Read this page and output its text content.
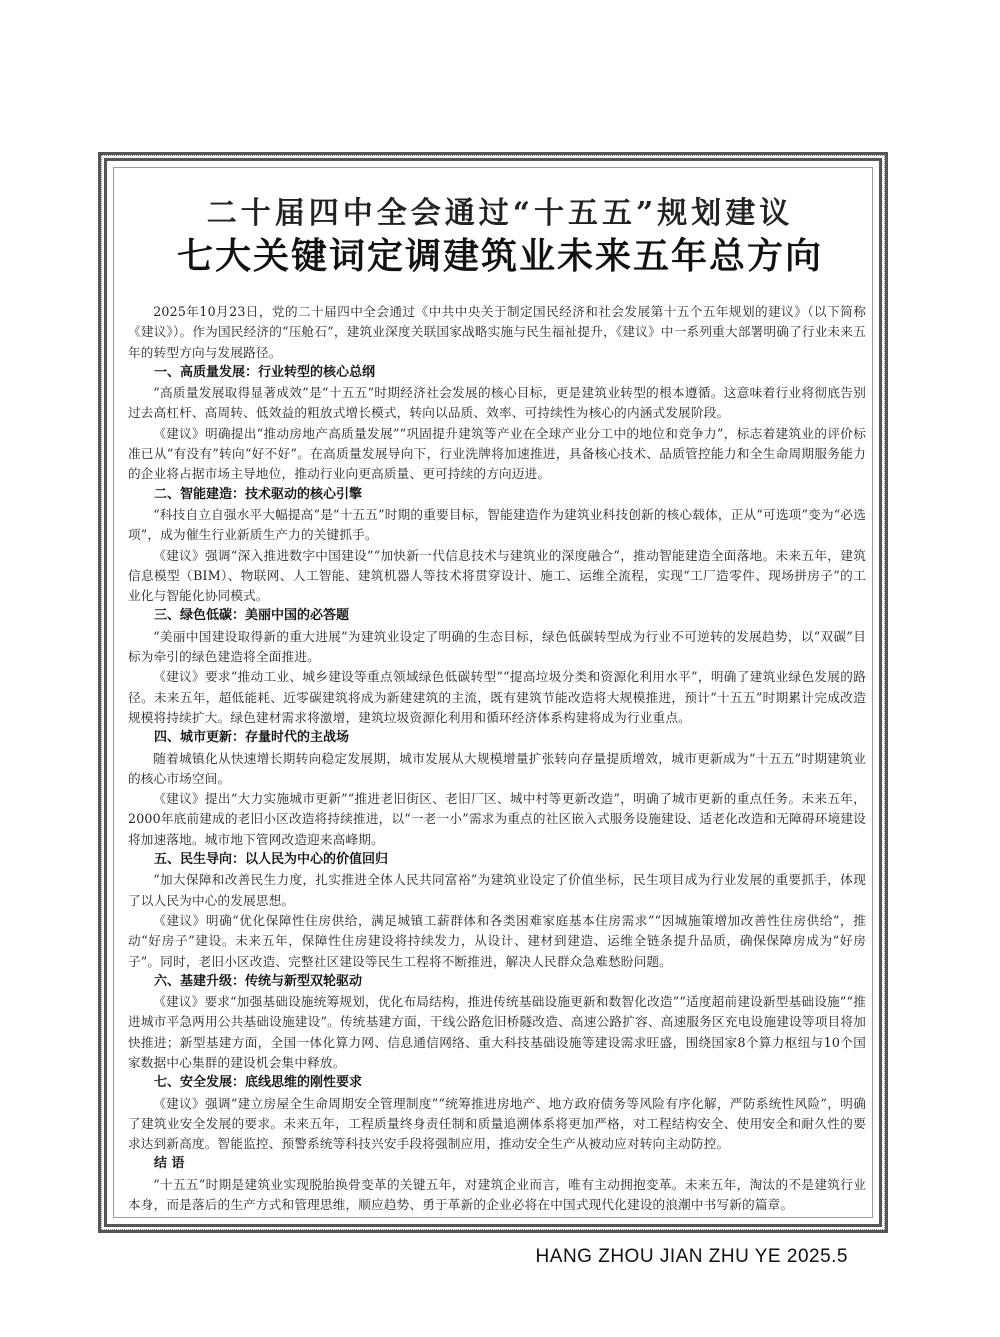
二十届四中全会通过“十五五”规划建议
七大关键词定调建筑业未来五年总方向

2025年10月23日，党的二十届四中全会通过《中共中央关于制定国民经济和社会发展第十五个五年规划的建议》（以下简称《建议》）。作为国民经济的“压舱石”，建筑业深度关联国家战略实施与民生福祉提升，《建议》中一系列重大部署明确了行业未来五年的转型方向与发展路径。

一、高质量发展：行业转型的核心总纲

“高质量发展取得显著成效”是“十五五”时期经济社会发展的核心目标，更是建筑业转型的根本遵循。这意味着行业将彻底告别过去高杠杆、高周转、低效益的粗放式增长模式，转向以品质、效率、可持续性为核心的内涵式发展阶段。

《建议》明确提出“推动房地产高质量发展”“巩固提升建筑等产业在全球产业分工中的地位和竞争力”，标志着建筑业的评价标准已从“有没有”转向“好不好”。在高质量发展导向下，行业洗牌将加速推进，具备核心技术、品质管控能力和全生命周期服务能力的企业将占据市场主导地位，推动行业向更高质量、更可持续的方向迈进。

二、智能建造：技术驱动的核心引擎

“科技自立自强水平大幅提高”是“十五五”时期的重要目标，智能建造作为建筑业科技创新的核心载体，正从“可选项”变为“必选项”，成为催生行业新质生产力的关键抓手。

《建议》强调“深入推进数字中国建设”“加快新一代信息技术与建筑业的深度融合”，推动智能建造全面落地。未来五年，建筑信息模型（BIM）、物联网、人工智能、建筑机器人等技术将贯穿设计、施工、运维全流程，实现“工厂造零件、现场拼房子”的工业化与智能化协同模式。

三、绿色低碳：美丽中国的必答题

“美丽中国建设取得新的重大进展”为建筑业设定了明确的生态目标，绿色低碳转型成为行业不可逆转的发展趋势，以“双碳”目标为牵引的绿色建造将全面推进。

《建议》要求“推动工业、城乡建设等重点领域绿色低碳转型”“提高垃圾分类和资源化利用水平”，明确了建筑业绿色发展的路径。未来五年，超低能耗、近零碳建筑将成为新建建筑的主流，既有建筑节能改造将大规模推进，预计“十五五”时期累计完成改造规模将持续扩大。绿色建材需求将激增，建筑垃圾资源化利用和循环经济体系构建将成为行业重点。

四、城市更新：存量时代的主战场

随着城镇化从快速增长期转向稳定发展期，城市发展从大规模增量扩张转向存量提质增效，城市更新成为“十五五”时期建筑业的核心市场空间。

《建议》提出“大力实施城市更新”“推进老旧街区、老旧厂区、城中村等更新改造”，明确了城市更新的重点任务。未来五年，2000年底前建成的老旧小区改造将持续推进，以“一老一小”需求为重点的社区嵌入式服务设施建设、适老化改造和无障碍环境建设将加速落地。城市地下管网改造迎来高峰期。

五、民生导向：以人民为中心的价值回归

“加大保障和改善民生力度，扎实推进全体人民共同富裕”为建筑业设定了价值坐标，民生项目成为行业发展的重要抓手，体现了以人民为中心的发展思想。

《建议》明确“优化保障性住房供给，满足城镇工薪群体和各类困难家庭基本住房需求”“因城施策增加改善性住房供给”，推动“好房子”建设。未来五年，保障性住房建设将持续发力，从设计、建材到建造、运维全链条提升品质，确保保障房成为“好房子”。同时，老旧小区改造、完整社区建设等民生工程将不断推进，解决人民群众急难愁盼问题。

六、基建升级：传统与新型双轮驱动

《建议》要求“加强基础设施统筹规划，优化布局结构，推进传统基础设施更新和数智化改造”“适度超前建设新型基础设施”“推进城市平急两用公共基础设施建设”。传统基建方面，干线公路危旧桥隧改造、高速公路扩容、高速服务区充电设施建设等项目将加快推进；新型基建方面，全国一体化算力网、信息通信网络、重大科技基础设施等建设需求旺盛，围绕国家8个算力枢纽与10个国家数据中心集群的建设机会集中释放。

七、安全发展：底线思维的刚性要求

《建议》强调“建立房屋全生命周期安全管理制度”“统筹推进房地产、地方政府债务等风险有序化解，严防系统性风险”，明确了建筑业安全发展的要求。未来五年，工程质量终身责任制和质量追溯体系将更加严格，对工程结构安全、使用安全和耐久性的要求达到新高度。智能监控、预警系统等科技兴安手段将强制应用，推动安全生产从被动应对转向主动防控。

结 语

“十五五”时期是建筑业实现脱胎换骨变革的关键五年，对建筑企业而言，唯有主动拥抱变革。未来五年，淘汰的不是建筑行业本身，而是落后的生产方式和管理思维，顺应趋势、勇于革新的企业必将在中国式现代化建设的浪潮中书写新的篇章。

HANG ZHOU JIAN ZHU YE 2025.5
